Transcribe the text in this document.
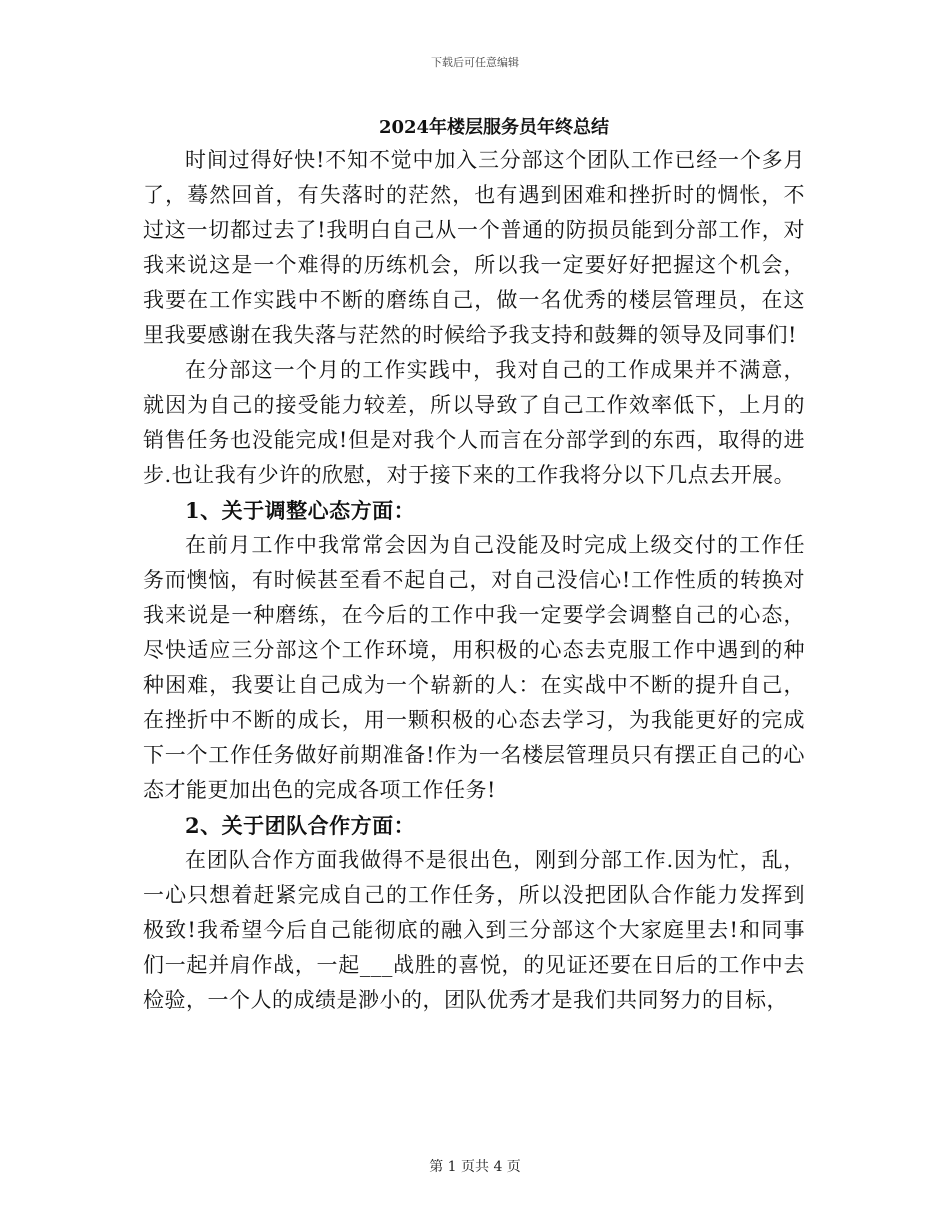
下载后可任意编辑
2024年楼层服务员年终总结

时间过得好快!不知不觉中加入三分部这个团队工作已经一个多月了，蓦然回首，有失落时的茫然，也有遇到困难和挫折时的惆怅，不过这一切都过去了!我明白自己从一个普通的防损员能到分部工作，对我来说这是一个难得的历练机会，所以我一定要好好把握这个机会，我要在工作实践中不断的磨练自己，做一名优秀的楼层管理员，在这里我要感谢在我失落与茫然的时候给予我支持和鼓舞的领导及同事们!

在分部这一个月的工作实践中，我对自己的工作成果并不满意，就因为自己的接受能力较差，所以导致了自己工作效率低下，上月的销售任务也没能完成!但是对我个人而言在分部学到的东西，取得的进步.也让我有少许的欣慰，对于接下来的工作我将分以下几点去开展。

1、关于调整心态方面：

在前月工作中我常常会因为自己没能及时完成上级交付的工作任务而懊恼，有时候甚至看不起自己，对自己没信心!工作性质的转换对我来说是一种磨练，在今后的工作中我一定要学会调整自己的心态，尽快适应三分部这个工作环境，用积极的心态去克服工作中遇到的种种困难，我要让自己成为一个崭新的人：在实战中不断的提升自己，在挫折中不断的成长，用一颗积极的心态去学习，为我能更好的完成下一个工作任务做好前期准备!作为一名楼层管理员只有摆正自己的心态才能更加出色的完成各项工作任务!

2、关于团队合作方面：

在团队合作方面我做得不是很出色，刚到分部工作.因为忙，乱，一心只想着赶紧完成自己的工作任务，所以没把团队合作能力发挥到极致!我希望今后自己能彻底的融入到三分部这个大家庭里去!和同事们一起并肩作战，一起___战胜的喜悦，的见证还要在日后的工作中去检验，一个人的成绩是渺小的，团队优秀才是我们共同努力的目标，

第 1 页共 4 页
